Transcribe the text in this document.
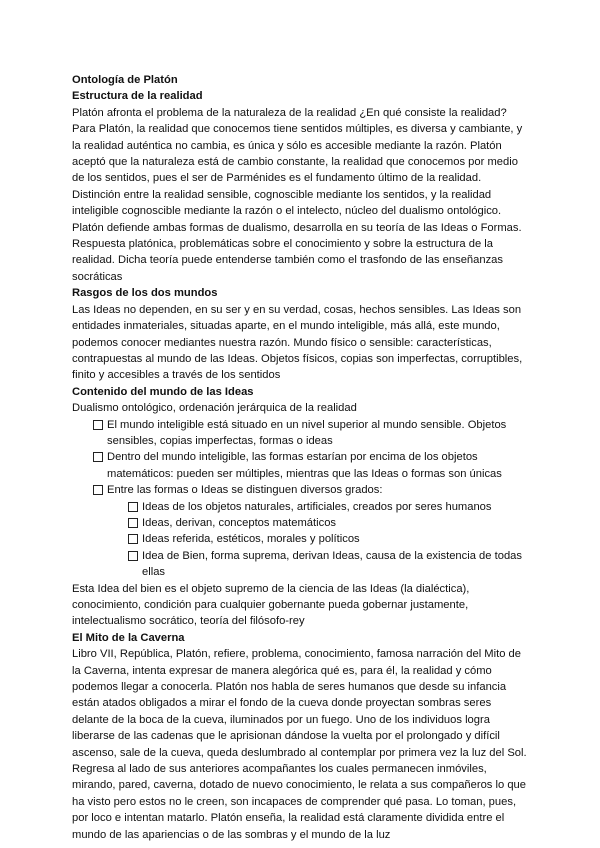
Ontología de Platón
Estructura de la realidad

Platón afronta el problema de la naturaleza de la realidad ¿En qué consiste la realidad? Para Platón, la realidad que conocemos tiene sentidos múltiples, es diversa y cambiante, y la realidad auténtica no cambia, es única y sólo es accesible mediante la razón. Platón aceptó que la naturaleza está de cambio constante, la realidad que conocemos por medio de los sentidos, pues el ser de Parménides es el fundamento último de la realidad. Distinción entre la realidad sensible, cognoscible mediante los sentidos, y la realidad inteligible cognoscible mediante la razón o el intelecto, núcleo del dualismo ontológico. Platón defiende ambas formas de dualismo, desarrolla en su teoría de las Ideas o Formas. Respuesta platónica, problemáticas sobre el conocimiento y sobre la estructura de la realidad. Dicha teoría puede entenderse también como el trasfondo de las enseñanzas socráticas

Rasgos de los dos mundos

Las Ideas no dependen, en su ser y en su verdad, cosas, hechos sensibles. Las Ideas son entidades inmateriales, situadas aparte, en el mundo inteligible, más allá, este mundo, podemos conocer mediantes nuestra razón. Mundo físico o sensible: características, contrapuestas al mundo de las Ideas. Objetos físicos, copias son imperfectas, corruptibles, finito y accesibles a través de los sentidos

Contenido del mundo de las Ideas

Dualismo ontológico, ordenación jerárquica de la realidad

El mundo inteligible está situado en un nivel superior al mundo sensible. Objetos sensibles, copias imperfectas, formas o ideas
Dentro del mundo inteligible, las formas estarían por encima de los objetos matemáticos: pueden ser múltiples, mientras que las Ideas o formas son únicas
Entre las formas o Ideas se distinguen diversos grados:
Ideas de los objetos naturales, artificiales, creados por seres humanos
Ideas, derivan, conceptos matemáticos
Ideas referida, estéticos, morales y políticos
Idea de Bien, forma suprema, derivan Ideas, causa de la existencia de todas ellas

Esta Idea del bien es el objeto supremo de la ciencia de las Ideas (la dialéctica), conocimiento, condición para cualquier gobernante pueda gobernar justamente, intelectualismo socrático, teoría del filósofo-rey

El Mito de la Caverna

Libro VII, República, Platón, refiere, problema, conocimiento, famosa narración del Mito de la Caverna, intenta expresar de manera alegórica qué es, para él, la realidad y cómo podemos llegar a conocerla. Platón nos habla de seres humanos que desde su infancia están atados obligados a mirar el fondo de la cueva donde proyectan sombras seres delante de la boca de la cueva, iluminados por un fuego. Uno de los individuos logra liberarse de las cadenas que le aprisionan dándose la vuelta por el prolongado y difícil ascenso, sale de la cueva, queda deslumbrado al contemplar por primera vez la luz del Sol. Regresa al lado de sus anteriores acompañantes los cuales permanecen inmóviles, mirando, pared, caverna, dotado de nuevo conocimiento, le relata a sus compañeros lo que ha visto pero estos no le creen, son incapaces de comprender qué pasa. Lo toman, pues, por loco e intentan matarlo. Platón enseña, la realidad está claramente dividida entre el mundo de las apariencias o de las sombras y el mundo de la luz
